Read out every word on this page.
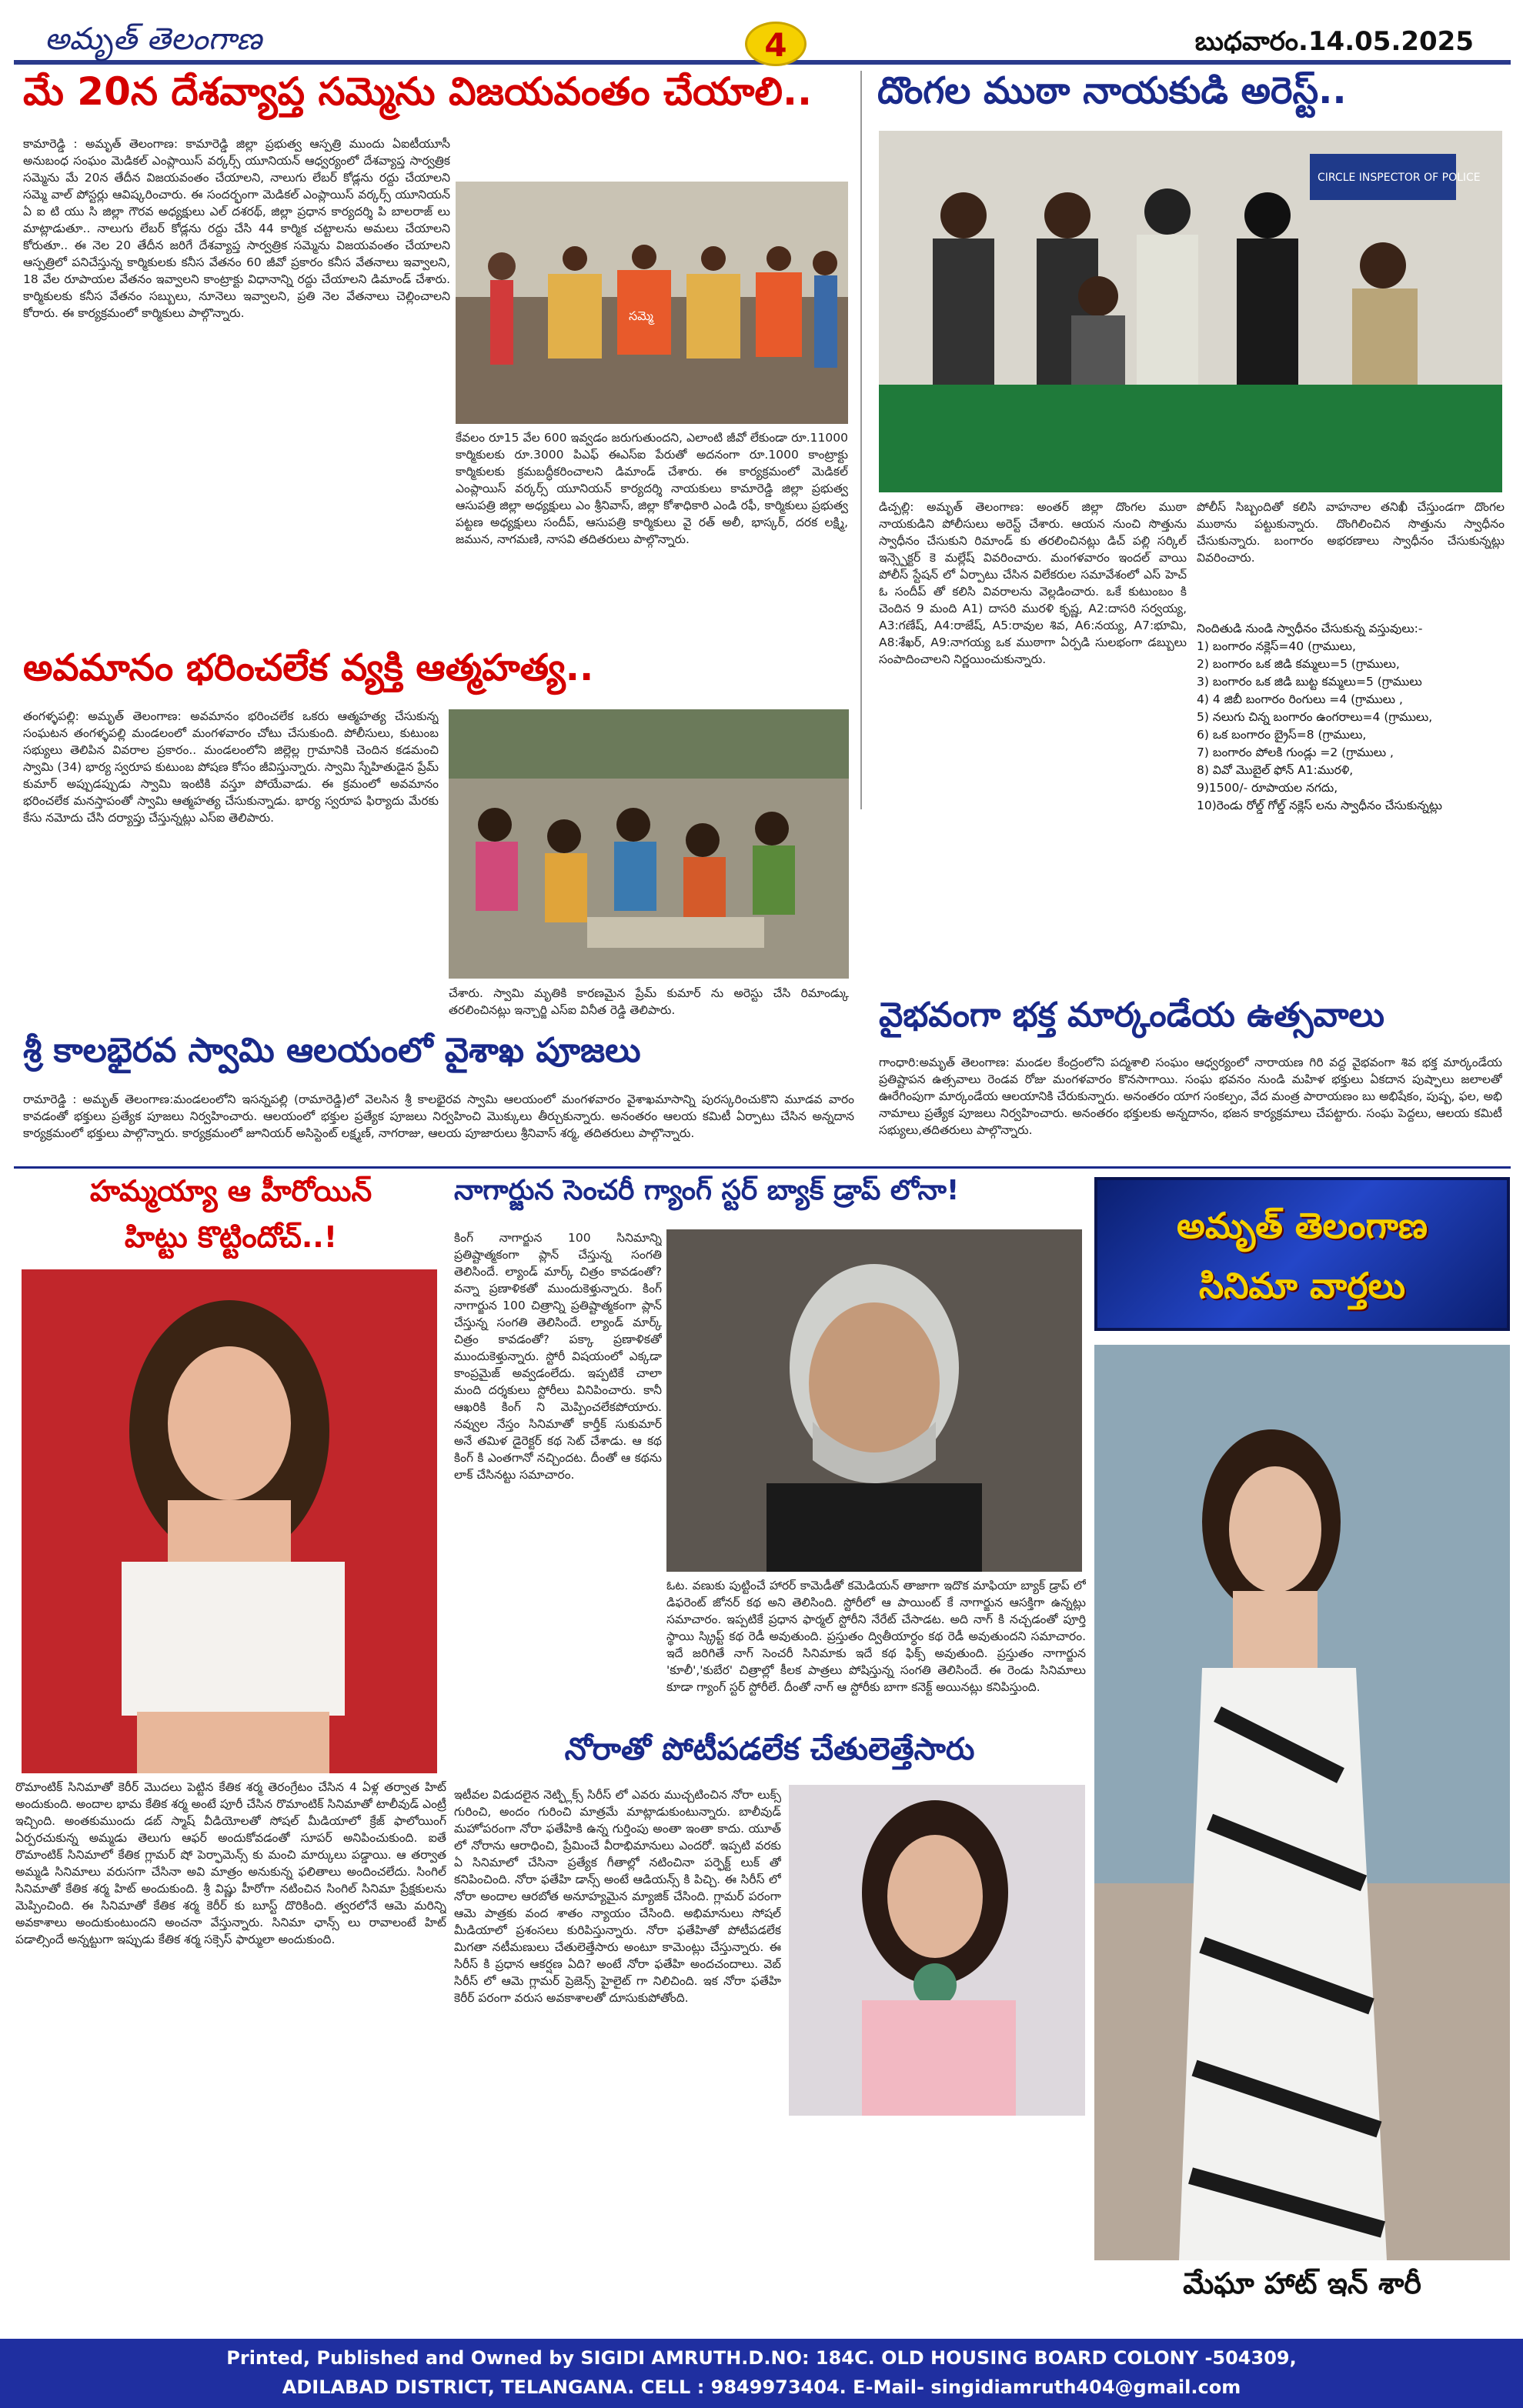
అమృత్ తెలంగాణ	4	బుధవారం.14.05.2025
మే 20న దేశవ్యాప్త సమ్మెను విజయవంతం చేయాలి..
కామారెడ్డి : అమృత్ తెలంగాణ: కామారెడ్డి జిల్లా ప్రభుత్వ ఆస్పత్రి ముందు ఏఐటీయూసీ అనుబంధ సంఘం మెడికల్ ఎంప్లాయిస్ వర్కర్స్ యూనియన్ ఆధ్వర్యంలో దేశవ్యాప్త సార్వత్రిక సమ్మెను మే 20న తేదీన విజయవంతం చేయాలని, నాలుగు లేబర్ కోడ్లను రద్దు చేయాలని సమ్మె వాల్ పోస్టర్లు ఆవిష్కరించారు. ఈ సందర్భంగా మెడికల్ ఎంప్లాయిస్ వర్కర్స్ యూనియన్ ఏ ఐ టి యు సి జిల్లా గౌరవ అధ్యక్షులు ఎల్ దశరథ్, జిల్లా ప్రధాన కార్యదర్శి పి బాలరాజ్ లు మాట్లాడుతూ.. నాలుగు లేబర్ కోడ్లను రద్దు చేసి 44 కార్మిక చట్టాలను అమలు చేయాలని కోరుతూ.. ఈ నెల 20 తేదీన జరిగే దేశవ్యాప్త సార్వత్రిక సమ్మెను విజయవంతం చేయాలని ఆస్పత్రిలో పనిచేస్తున్న కార్మికులకు కనీస వేతనం 60 జీవో ప్రకారం కనీస వేతనాలు ఇవ్వాలని, 18 వేల రూపాయల వేతనం ఇవ్వాలని కాంట్రాక్టు విధానాన్ని రద్దు చేయాలని డిమాండ్ చేశారు. కార్మికులకు కనీస వేతనం సబ్బులు, నూనెలు ఇవ్వాలని, ప్రతి నెల వేతనాలు చెల్లించాలని కోరారు. ఈ కార్యక్రమంలో కార్మికులు పాల్గొన్నారు.	సమ్మె
కేవలం రూ15 వేల 600 ఇవ్వడం జరుగుతుందని, ఎలాంటి జీవో లేకుండా రూ.11000 కార్మికులకు రూ.3000 పిఎఫ్ ఈఎస్ఐ పేరుతో అదనంగా రూ.1000 కాంట్రాక్టు కార్మికులకు క్రమబద్ధీకరించాలని డిమాండ్ చేశారు. ఈ కార్యక్రమంలో మెడికల్ ఎంప్లాయిస్ వర్కర్స్ యూనియన్ కార్యదర్శి నాయకులు కామారెడ్డి జిల్లా ప్రభుత్వ ఆసుపత్రి జిల్లా అధ్యక్షులు ఎం శ్రీనివాస్, జిల్లా కోశాధికారి ఎండి రఫీ, కార్మికులు ప్రభుత్వ పట్టణ అధ్యక్షులు సందీప్, ఆసుపత్రి కార్మికులు వై రత్ అలీ, భాస్కర్, దరక లక్ష్మి, జమున, నాగమణి, నాసవి తదితరులు పాల్గొన్నారు.
దొంగల ముఠా నాయకుడి అరెస్ట్..
CIRCLE INSPECTOR OF POLICE
డిచ్పల్లి: అమృత్ తెలంగాణ: అంతర్ జిల్లా దొంగల ముఠా నాయకుడిని పోలీసులు అరెస్ట్ చేశారు. ఆయన నుంచి సొత్తును స్వాధీనం చేసుకుని రిమాండ్ కు తరలించినట్లు డిచ్ పల్లి సర్కిల్ ఇన్స్పెక్టర్ కె మల్లేష్ వివరించారు. మంగళవారం ఇందల్ వాయి పోలీస్ స్టేషన్ లో ఏర్పాటు చేసిన విలేకరుల సమావేశంలో ఎస్ హెచ్ ఓ సందీప్ తో కలిసి వివరాలను వెల్లడించారు. ఒకే కుటుంబం కి చెందిన 9 మంది A1) దాసరి మురళి కృష్ణ, A2:దాసరి సర్వయ్య, A3:గణేష్, A4:రాజేష్, A5:రావుల శివ, A6:నయ్య, A7:భూమి, A8:శేఖర్, A9:నాగయ్య ఒక ముఠాగా ఏర్పడి సులభంగా డబ్బులు సంపాదించాలని నిర్ణయించుకున్నారు.
పోలీస్ సిబ్బందితో కలిసి వాహనాల తనిఖీ చేస్తుండగా దొంగల ముఠాను పట్టుకున్నారు. దొంగిలించిన సొత్తును స్వాధీనం చేసుకున్నారు. బంగారం అభరణాలు స్వాధీనం చేసుకున్నట్లు వివరించారు.
నిందితుడి నుండి స్వాధీనం చేసుకున్న వస్తువులు:-
1) బంగారం నక్లెస్=40 (గ్రాములు,
2) బంగారం ఒక జిడి కమ్మలు=5 (గ్రాములు,
3) బంగారం ఒక జిడి బుట్ట కమ్మలు=5 (గ్రాములు
4) 4 జిబీ బంగారం రింగులు =4 (గ్రాములు ,
5) నలుగు చిన్న బంగారం ఉంగరాలు=4 (గ్రాములు,
6) ఒక బంగారం బ్రైస్=8 (గ్రాములు,
7) బంగారం పోలకి గుండ్లు =2 (గ్రాములు ,
8) వివో మొబైల్ ఫోన్ A1:మురళి,
9)1500/- రూపాయల నగదు,
10)రెండు రోల్డ్ గోల్డ్ నక్లెస్ లను స్వాధీనం చేసుకున్నట్లు
అవమానం భరించలేక వ్యక్తి ఆత్మహత్య..
తంగళ్ళపల్లి: అమృత్ తెలంగాణ: అవమానం భరించలేక ఒకరు ఆత్మహత్య చేసుకున్న సంఘటన తంగళ్ళపల్లి మండలంలో మంగళవారం చోటు చేసుకుంది. పోలీసులు, కుటుంబ సభ్యులు తెలిపిన వివరాల ప్రకారం.. మండలంలోని జిల్లెల్ల గ్రామానికి చెందిన కడమంచి స్వామి (34) భార్య స్వరూప కుటుంబ పోషణ కోసం జీవిస్తున్నారు. స్వామి స్నేహితుడైన ప్రేమ్ కుమార్ అప్పుడప్పుడు స్వామి ఇంటికి వస్తూ పోయేవాడు. ఈ క్రమంలో అవమానం భరించలేక మనస్తాపంతో స్వామి ఆత్మహత్య చేసుకున్నాడు. భార్య స్వరూప ఫిర్యాదు మేరకు కేసు నమోదు చేసి దర్యాప్తు చేస్తున్నట్లు ఎస్ఐ తెలిపారు.
చేశారు. స్వామి మృతికి కారణమైన ప్రేమ్ కుమార్ ను అరెస్టు చేసి రిమాండ్కు తరలించినట్లు ఇన్చార్జి ఎస్ఐ వినీత రెడ్డి తెలిపారు.
శ్రీ కాలభైరవ స్వామి ఆలయంలో వైశాఖ పూజలు
రామారెడ్డి : అమృత్ తెలంగాణ:మండలంలోని ఇసన్నపల్లి (రామారెడ్డి)లో వెలసిన శ్రీ కాలభైరవ స్వామి ఆలయంలో మంగళవారం వైశాఖమాసాన్ని పురస్కరించుకొని మూడవ వారం కావడంతో భక్తులు ప్రత్యేక పూజలు నిర్వహించారు. ఆలయంలో భక్తుల ప్రత్యేక పూజలు నిర్వహించి మొక్కులు తీర్చుకున్నారు. అనంతరం ఆలయ కమిటీ ఏర్పాటు చేసిన అన్నదాన కార్యక్రమంలో భక్తులు పాల్గొన్నారు. కార్యక్రమంలో జూనియర్ అసిస్టెంట్ లక్ష్మణ్, నాగరాజు, ఆలయ పూజారులు శ్రీనివాస్ శర్మ, తదితరులు పాల్గొన్నారు.
వైభవంగా భక్త మార్కండేయ ఉత్సవాలు
గాంధారి:అమృత్ తెలంగాణ: మండల కేంద్రంలోని పద్మశాలి సంఘం ఆధ్వర్యంలో నారాయణ గిరి వద్ద వైభవంగా శివ భక్త మార్కండేయ ప్రతిష్టాపన ఉత్సవాలు రెండవ రోజు మంగళవారం కొనసాగాయి. సంఘ భవనం నుండి మహిళ భక్తులు ఏకదాన పుష్పాలు జలాలతో ఊరేగింపుగా మార్కండేయ ఆలయానికి చేరుకున్నారు. అనంతరం యాగ సంకల్పం, వేద మంత్ర పారాయణం బు అభిషేకం, పుష్ప, ఫల, అభి నామాలు ప్రత్యేక పూజలు నిర్వహించారు. అనంతరం భక్తులకు అన్నదానం, భజన కార్యక్రమాలు చేపట్టారు. సంఘ పెద్దలు, ఆలయ కమిటీ సభ్యులు,తదితరులు పాల్గొన్నారు.
హమ్మయ్యా ఆ హీరోయిన్
హిట్టు కొట్టిందోచ్..!
రొమాంటిక్ సినిమాతో కెరీర్ మొదలు పెట్టిన కేతిక శర్మ తెరంగ్రేటం చేసిన 4 ఏళ్ల తర్వాత హిట్ అందుకుంది. అందాల భామ కేతిక శర్మ అంటే పూరీ చేసిన రొమాంటిక్ సినిమాతో టాలీవుడ్ ఎంట్రీ ఇచ్చింది. అంతకుముందు డబ్ స్మాష్ వీడియోలతో సోషల్ మీడియాలో క్రేజ్ ఫాలోయింగ్ ఏర్పరచుకున్న అమ్మడు తెలుగు ఆఫర్ అందుకోవడంతో సూపర్ అనిపించుకుంది. ఐతే రొమాంటిక్ సినిమాలో కేతిక గ్లామర్ షో పెర్ఫామెన్స్ కు మంచి మార్కులు పడ్డాయి. ఆ తర్వాత అమ్మడి సినిమాలు వరుసగా చేసినా అవి మాత్రం అనుకున్న ఫలితాలు అందించలేదు. సింగిల్ సినిమాతో కేతిక శర్మ హిట్ అందుకుంది. శ్రీ విష్ణు హీరోగా నటించిన సింగిల్ సినిమా ప్రేక్షకులను మెప్పించింది. ఈ సినిమాతో కేతిక శర్మ కెరీర్ కు బూస్ట్ దొరికింది. త్వరలోనే ఆమె మరిన్ని అవకాశాలు అందుకుంటుందని అంచనా వేస్తున్నారు. సినిమా ఛాన్స్ లు రావాలంటే హిట్ పడాల్సిందే అన్నట్టుగా ఇప్పుడు కేతిక శర్మ సక్సెస్ ఫార్ములా అందుకుంది.
నాగార్జున సెంచరీ గ్యాంగ్ స్టర్ బ్యాక్ డ్రాప్ లోనా!
కింగ్ నాగార్జున 100 సినిమాన్ని ప్రతిష్టాత్మకంగా ప్లాన్ చేస్తున్న సంగతి తెలిసిందే. ల్యాండ్ మార్క్ చిత్రం కావడంతో? వన్నా ప్రణాళికతో ముందుకెళ్తున్నారు. కింగ్ నాగార్జున 100 చిత్రాన్ని ప్రతిష్టాత్మకంగా ప్లాన్ చేస్తున్న సంగతి తెలిసిందే. ల్యాండ్ మార్క్ చిత్రం కావడంతో? పక్కా ప్రణాళికతో ముందుకెళ్తున్నారు. స్టోరీ విషయంలో ఎక్కడా కాంప్రమైజ్ అవ్వడంలేదు. ఇప్పటికే చాలా మంది దర్శకులు స్టోరీలు వినిపించారు. కానీ ఆఖరికి కింగ్ ని మెప్పించలేకపోయారు. నవ్వుల నేస్తం సినిమాతో కార్తీక్ సుకుమార్ అనే తమిళ డైరెక్టర్ కథ సెట్ చేశాడు. ఆ కథ కింగ్ కి ఎంతగానో నచ్చిందట. దీంతో ఆ కథను లాక్ చేసినట్టు సమాచారం.
ఓట. వణుకు పుట్టించే హారర్ కామెడీతో కమెడియన్ తాజాగా ఇదొక మాఫియా బ్యాక్ డ్రాప్ లో డిఫరెంట్ జోనర్ కథ అని తెలిసింది. స్టోరీలో ఆ పాయింట్ కే నాగార్జున ఆసక్తిగా ఉన్నట్లు సమాచారం. ఇప్పటికే ప్రధాన ఫార్మల్ స్టోరీని నేరేట్ చేసాడట. అది నాగ్ కి నచ్చడంతో పూర్తి స్థాయి స్క్రిప్ట్ కథ రెడీ అవుతుంది. ప్రస్తుతం ద్వితీయార్ధం కథ రెడీ అవుతుందని సమాచారం. ఇదే జరిగితే నాగ్ సెంచరీ సినిమాకు ఇదే కథ ఫిక్స్ అవుతుంది. ప్రస్తుతం నాగార్జున 'కూలీ','కుబేర' చిత్రాల్లో కీలక పాత్రలు పోషిస్తున్న సంగతి తెలిసిందే. ఈ రెండు సినిమాలు కూడా గ్యాంగ్ స్టర్ స్టోరీలే. దీంతో నాగ్ ఆ స్టోరీకు బాగా కనెక్ట్ అయినట్లు కనిపిస్తుంది.
నోరాతో పోటీపడలేక చేతులెత్తేసారు
ఇటీవల విడుదలైన నెట్ఫ్లిక్స్ సిరీస్ లో ఎవరు ముచ్చటించిన నోరా లుక్స్ గురించి, అందం గురించి మాత్రమే మాట్లాడుకుంటున్నారు. బాలీవుడ్ మహోపరంగా నోరా ఫతేహికి ఉన్న గుర్తింపు అంతా ఇంతా కాదు. యూత్ లో నోరాను ఆరాధించి, ప్రేమించే వీరాభిమానులు ఎందరో. ఇప్పటి వరకు ఏ సినిమాలో చేసినా ప్రత్యేక గీతాల్లో నటించినా పర్ఫెక్ట్ లుక్ తో కనిపించింది. నోరా ఫతేహి డాన్స్ అంటే ఆడియన్స్ కి పిచ్చి. ఈ సిరీస్ లో నోరా అందాల ఆరబోత అనూహ్యమైన మ్యాజిక్ చేసింది. గ్లామర్ పరంగా ఆమె పాత్రకు వంద శాతం న్యాయం చేసింది. అభిమానులు సోషల్ మీడియాలో ప్రశంసలు కురిపిస్తున్నారు. నోరా ఫతేహితో పోటీపడలేక మిగతా నటీమణులు చేతులెత్తేసారు అంటూ కామెంట్లు చేస్తున్నారు. ఈ సిరీస్ కి ప్రధాన ఆకర్షణ ఏది? అంటే నోరా ఫతేహి అందచందాలు. వెబ్ సిరీస్ లో ఆమె గ్లామర్ ప్రెజెన్స్ హైలైట్ గా నిలిచింది. ఇక నోరా ఫతేహి కెరీర్ పరంగా వరుస అవకాశాలతో దూసుకుపోతోంది.
అమృత్ తెలంగాణ
సినిమా వార్తలు
మేఘా హాట్ ఇన్ శారీ
Printed, Published and Owned by SIGIDI AMRUTH.D.NO: 184C. OLD HOUSING BOARD COLONY -504309,
ADILABAD DISTRICT, TELANGANA. CELL : 9849973404. E-Mail- singidiamruth404@gmail.com
